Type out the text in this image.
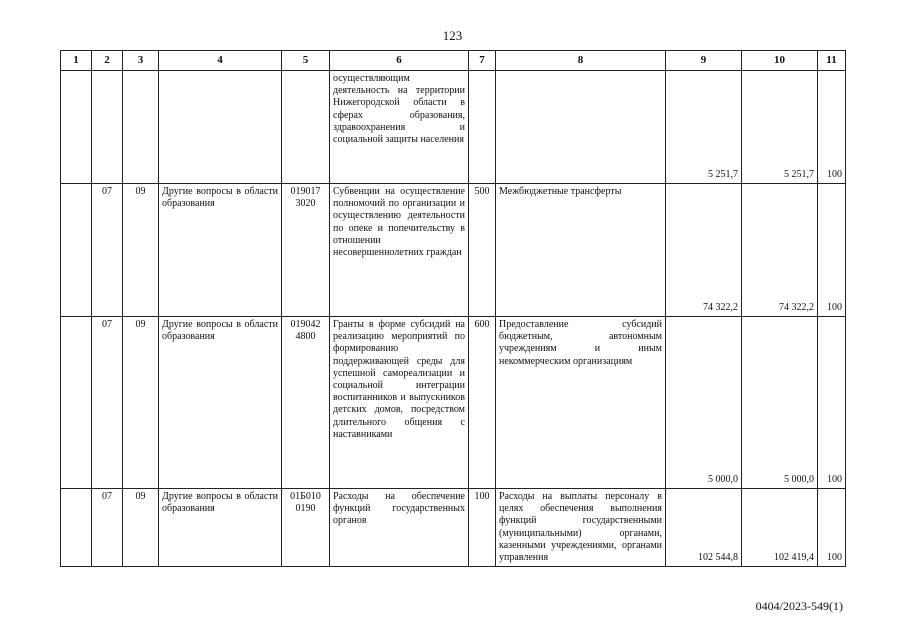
123
1	2	3	4	5	6	7	8	9	10	11
					осуществляющим деятельность на территории Нижегородской области в сферах образования, здравоохранения и социальной защиты населения			5 251,7	5 251,7	100
	07	09	Другие вопросы в области образования	019017 3020	Субвенции на осуществление полномочий по организации и осуществлению деятельности по опеке и попечительству в отношении несовершеннолетних граждан	500	Межбюджетные трансферты	74 322,2	74 322,2	100
	07	09	Другие вопросы в области образования	019042 4800	Гранты в форме субсидий на реализацию мероприятий по формированию поддерживающей среды для успешной самореализации и социальной интеграции воспитанников и выпускников детских домов, посредством длительного общения с наставниками	600	Предоставление субсидий бюджетным, автономным учреждениям и иным некоммерческим организациям	5 000,0	5 000,0	100
	07	09	Другие вопросы в области образования	01Б010 0190	Расходы на обеспечение функций государственных органов	100	Расходы на выплаты персоналу в целях обеспечения выполнения функций государственными (муниципальными) органами, казенными учреждениями, органами управления	102 544,8	102 419,4	100
0404/2023-549(1)
